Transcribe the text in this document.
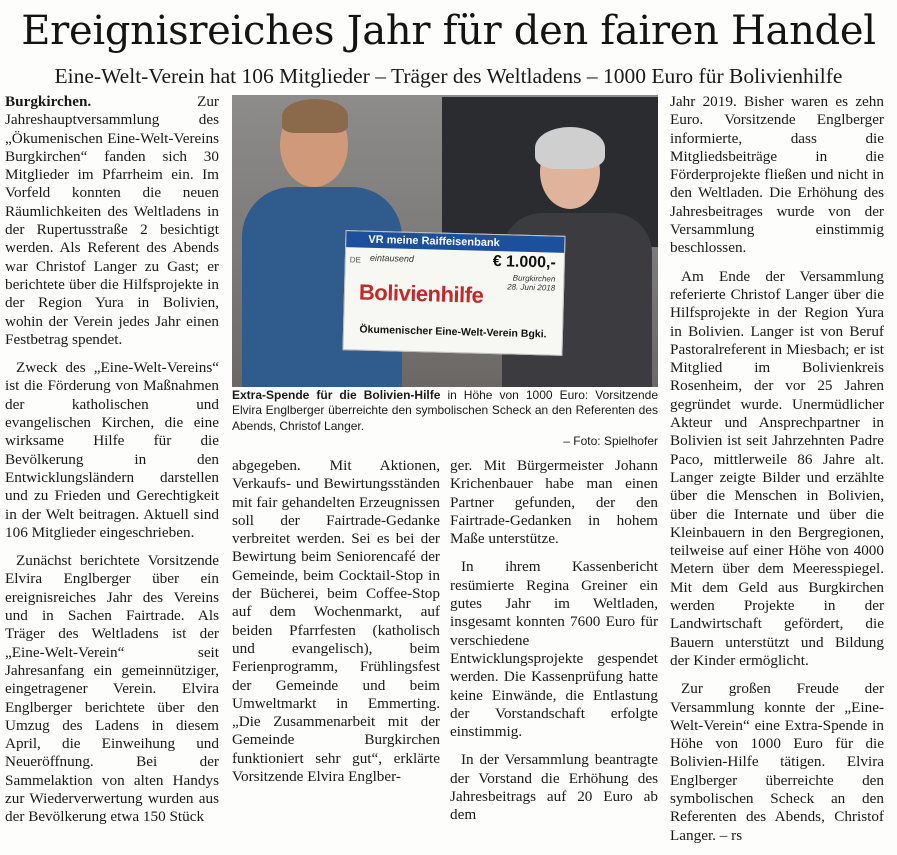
Ereignisreiches Jahr für den fairen Handel
Eine-Welt-Verein hat 106 Mitglieder – Träger des Weltladens – 1000 Euro für Bolivienhilfe

Burgkirchen. Zur Jahreshauptversammlung des „Ökumenischen Eine-Welt-Vereins Burgkirchen“ fanden sich 30 Mitglieder im Pfarrheim ein. Im Vorfeld konnten die neuen Räumlichkeiten des Weltladens in der Rupertusstraße 2 besichtigt werden. Als Referent des Abends war Christof Langer zu Gast; er berichtete über die Hilfsprojekte in der Region Yura in Bolivien, wohin der Verein jedes Jahr einen Festbetrag spendet.

Zweck des „Eine-Welt-Vereins“ ist die Förderung von Maßnahmen der katholischen und evangelischen Kirchen, die eine wirksame Hilfe für die Bevölkerung in den Entwicklungsländern darstellen und zu Frieden und Gerechtigkeit in der Welt beitragen. Aktuell sind 106 Mitglieder eingeschrieben.

Zunächst berichtete Vorsitzende Elvira Englberger über ein ereignisreiches Jahr des Vereins und in Sachen Fairtrade. Als Träger des Weltladens ist der „Eine-Welt-Verein“ seit Jahresanfang ein gemeinnütziger, eingetragener Verein. Elvira Englberger berichtete über den Umzug des Ladens in diesem April, die Einweihung und Neueröffnung. Bei der Sammelaktion von alten Handys zur Wiederverwertung wurden aus der Bevölkerung etwa 150 Stück

VR meine Raiffeisenbank
DE eintausend	€ 1.000,-
Burgkirchen
28. Juni 2018
Bolivienhilfe
Ökumenischer Eine-Welt-Verein Bgki.
Extra-Spende für die Bolivien-Hilfe in Höhe von 1000 Euro: Vorsitzende Elvira Englberger überreichte den symbolischen Scheck an den Referenten des Abends, Christof Langer.
– Foto: Spielhofer

abgegeben. Mit Aktionen, Verkaufs- und Bewirtungsständen mit fair gehandelten Erzeugnissen soll der Fairtrade-Gedanke verbreitet werden. Sei es bei der Bewirtung beim Seniorencafé der Gemeinde, beim Cocktail-Stop in der Bücherei, beim Coffee-Stop auf dem Wochenmarkt, auf beiden Pfarrfesten (katholisch und evangelisch), beim Ferienprogramm, Frühlingsfest der Gemeinde und beim Umweltmarkt in Emmerting. „Die Zusammenarbeit mit der Gemeinde Burgkirchen funktioniert sehr gut“, erklärte Vorsitzende Elvira Englber-

ger. Mit Bürgermeister Johann Krichenbauer habe man einen Partner gefunden, der den Fairtrade-Gedanken in hohem Maße unterstütze.

In ihrem Kassenbericht resümierte Regina Greiner ein gutes Jahr im Weltladen, insgesamt konnten 7600 Euro für verschiedene Entwicklungsprojekte gespendet werden. Die Kassenprüfung hatte keine Einwände, die Entlastung der Vorstandschaft erfolgte einstimmig.

In der Versammlung beantragte der Vorstand die Erhöhung des Jahresbeitrags auf 20 Euro ab dem

Jahr 2019. Bisher waren es zehn Euro. Vorsitzende Englberger informierte, dass die Mitgliedsbeiträge in die Förderprojekte fließen und nicht in den Weltladen. Die Erhöhung des Jahresbeitrages wurde von der Versammlung einstimmig beschlossen.

Am Ende der Versammlung referierte Christof Langer über die Hilfsprojekte in der Region Yura in Bolivien. Langer ist von Beruf Pastoralreferent in Miesbach; er ist Mitglied im Bolivienkreis Rosenheim, der vor 25 Jahren gegründet wurde. Unermüdlicher Akteur und Ansprechpartner in Bolivien ist seit Jahrzehnten Padre Paco, mittlerweile 86 Jahre alt. Langer zeigte Bilder und erzählte über die Menschen in Bolivien, über die Internate und über die Kleinbauern in den Bergregionen, teilweise auf einer Höhe von 4000 Metern über dem Meeresspiegel. Mit dem Geld aus Burgkirchen werden Projekte in der Landwirtschaft gefördert, die Bauern unterstützt und Bildung der Kinder ermöglicht.

Zur großen Freude der Versammlung konnte der „Eine-Welt-Verein“ eine Extra-Spende in Höhe von 1000 Euro für die Bolivien-Hilfe tätigen. Elvira Englberger überreichte den symbolischen Scheck an den Referenten des Abends, Christof Langer. – rs
